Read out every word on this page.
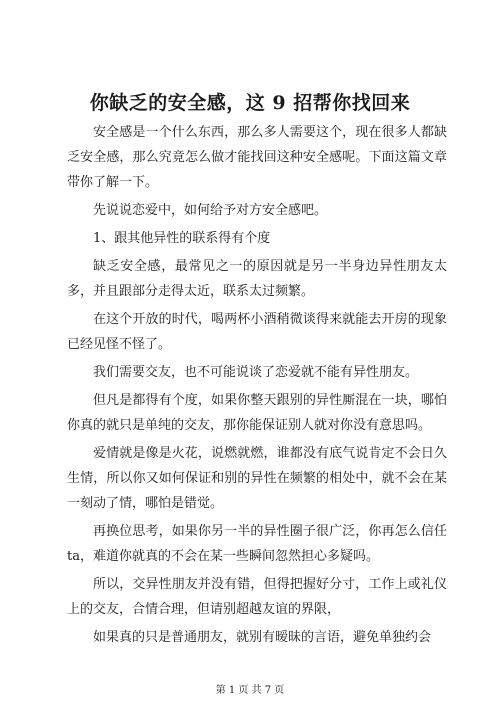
你缺乏的安全感，这 9 招帮你找回来

安全感是一个什么东西，那么多人需要这个，现在很多人都缺乏安全感，那么究竟怎么做才能找回这种安全感呢。下面这篇文章带你了解一下。

先说说恋爱中，如何给予对方安全感吧。

1、跟其他异性的联系得有个度

缺乏安全感，最常见之一的原因就是另一半身边异性朋友太多，并且跟部分走得太近，联系太过频繁。

在这个开放的时代，喝两杯小酒稍微谈得来就能去开房的现象已经见怪不怪了。

我们需要交友，也不可能说谈了恋爱就不能有异性朋友。

但凡是都得有个度，如果你整天跟别的异性厮混在一块，哪怕你真的就只是单纯的交友，那你能保证别人就对你没有意思吗。

爱情就是像是火花，说燃就燃，谁都没有底气说肯定不会日久生情，所以你又如何保证和别的异性在频繁的相处中，就不会在某一刻动了情，哪怕是错觉。

再换位思考，如果你另一半的异性圈子很广泛，你再怎么信任 ta，难道你就真的不会在某一些瞬间忽然担心多疑吗。

所以，交异性朋友并没有错，但得把握好分寸，工作上或礼仪上的交友，合情合理，但请别超越友谊的界限，

如果真的只是普通朋友，就别有暧昧的言语，避免单独约会

第 1 页 共 7 页
